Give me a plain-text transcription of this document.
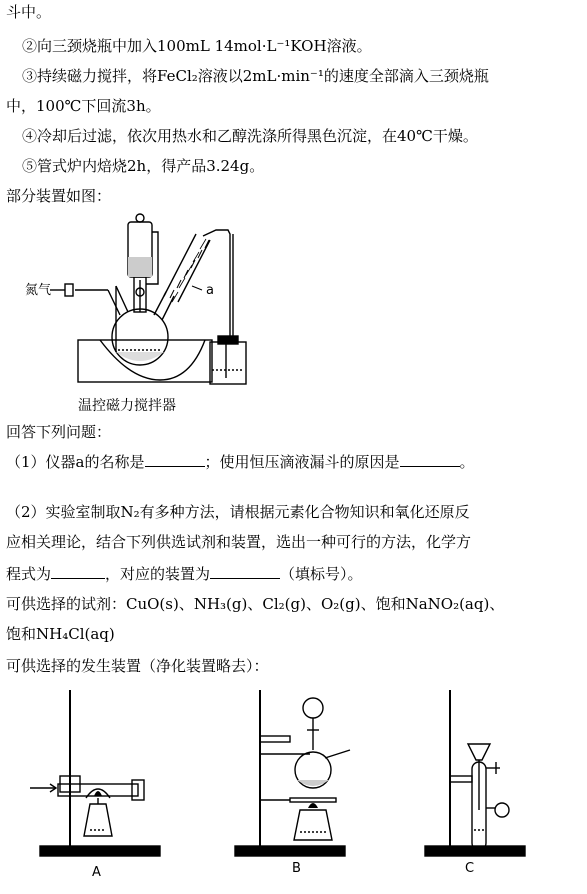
斗中。
②向三颈烧瓶中加入100mL 14mol·L⁻¹KOH溶液。
③持续磁力搅拌，将FeCl₂溶液以2mL·min⁻¹的速度全部滴入三颈烧瓶
中，100℃下回流3h。
④冷却后过滤，依次用热水和乙醇洗涤所得黑色沉淀，在40℃干燥。
⑤管式炉内焙烧2h，得产品3.24g。
部分装置如图：
氮气	a
温控磁力搅拌器
回答下列问题：
（1）仪器a的名称是	；使用恒压滴液漏斗的原因是	。
（2）实验室制取N₂有多种方法，请根据元素化合物知识和氧化还原反
应相关理论，结合下列供选试剂和装置，选出一种可行的方法，化学方
程式为	，对应的装置为	（填标号）。
可供选择的试剂：CuO(s)、NH₃(g)、Cl₂(g)、O₂(g)、饱和NaNO₂(aq)、
饱和NH₄Cl(aq)
可供选择的发生装置（净化装置略去）：
A	B	C
